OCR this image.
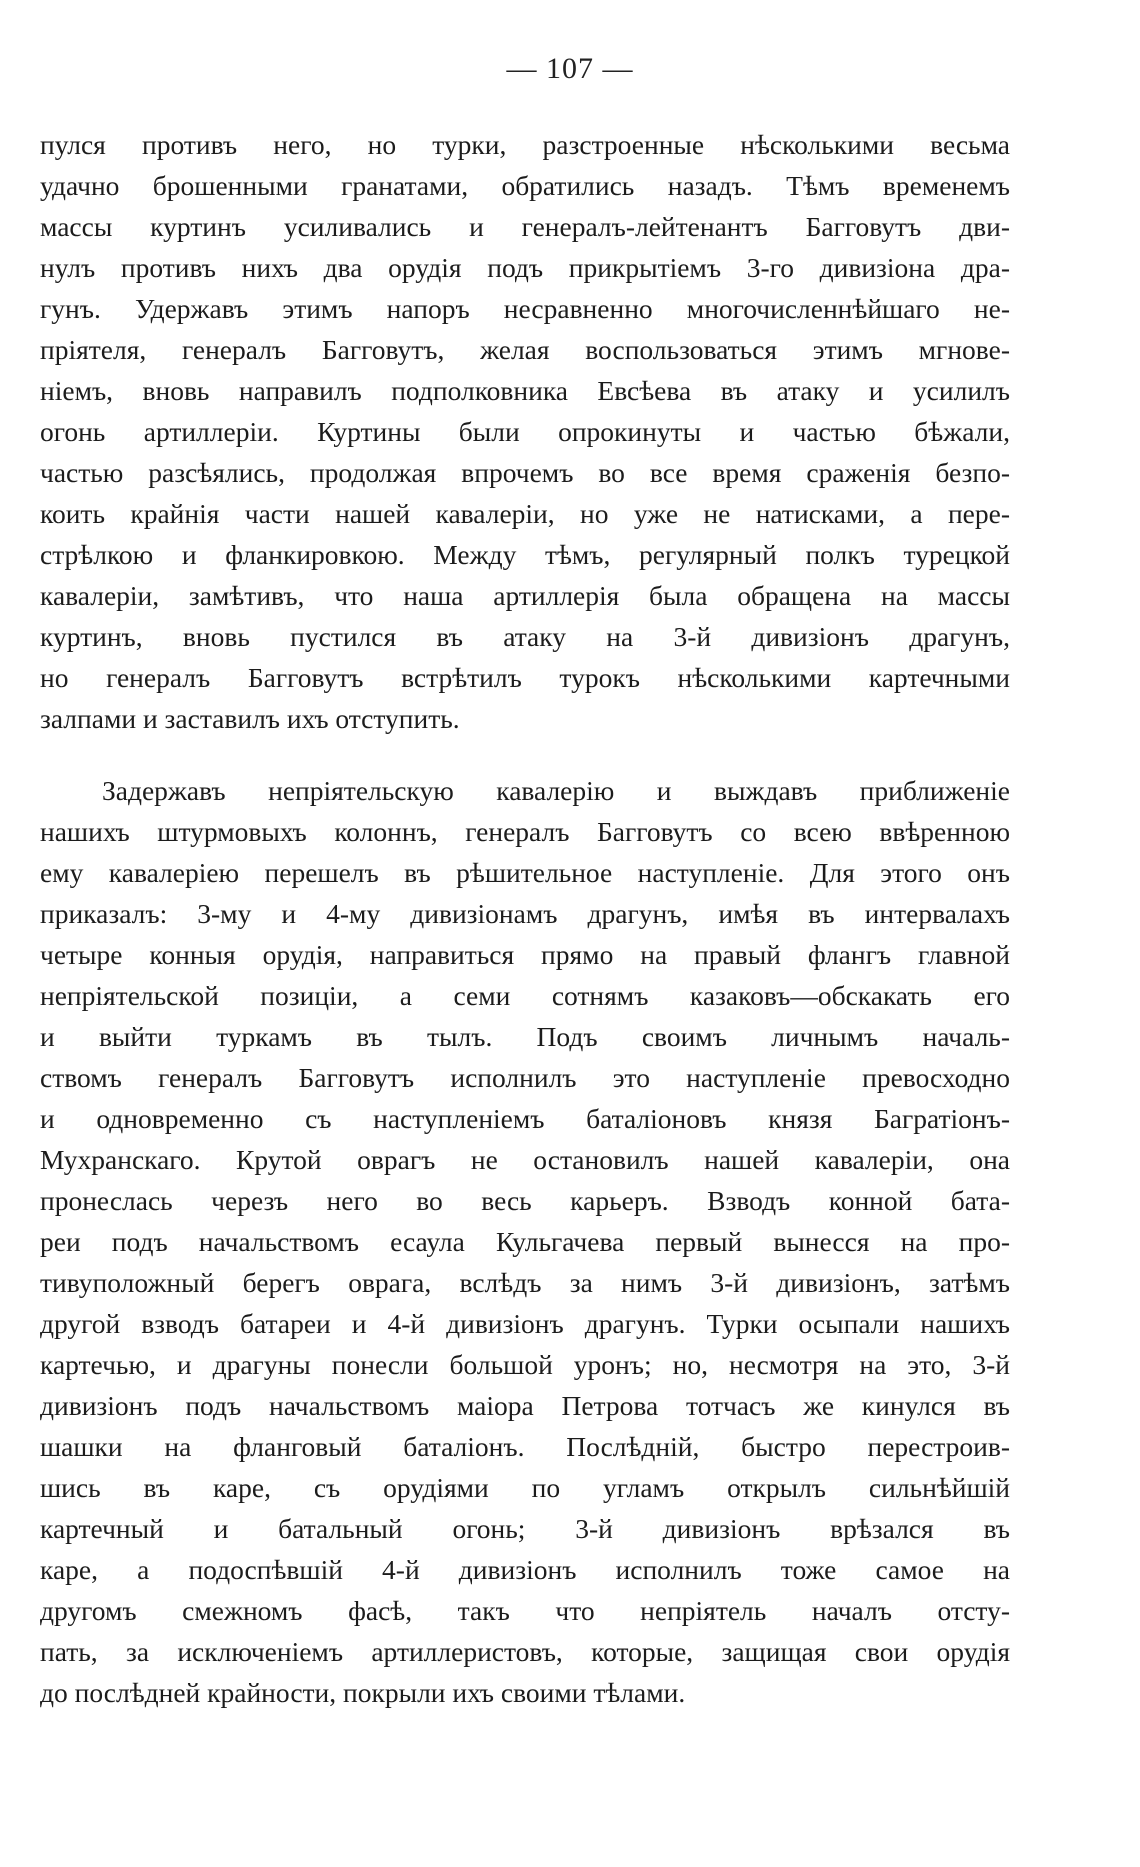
— 107 —
пулся противъ него, но турки, разстроенные нѣсколькими весьма
удачно брошенными гранатами, обратились назадъ. Тѣмъ временемъ
массы куртинъ усиливались и генералъ-лейтенантъ Багговутъ дви-
нулъ противъ нихъ два орудія подъ прикрытіемъ 3-го дивизіона дра-
гунъ. Удержавъ этимъ напоръ несравненно многочисленнѣйшаго не-
пріятеля, генералъ Багговутъ, желая воспользоваться этимъ мгнове-
ніемъ, вновь направилъ подполковника Евсѣева въ атаку и усилилъ
огонь артиллеріи. Куртины были опрокинуты и частью бѣжали,
частью разсѣялись, продолжая впрочемъ во все время сраженія безпо-
коить крайнія части нашей кавалеріи, но уже не натисками, а пере-
стрѣлкою и фланкировкою. Между тѣмъ, регулярный полкъ турецкой
кавалеріи, замѣтивъ, что наша артиллерія была обращена на массы
куртинъ, вновь пустился въ атаку на 3-й дивизіонъ драгунъ,
но генералъ Багговутъ встрѣтилъ турокъ нѣсколькими картечными
залпами и заставилъ ихъ отступить.
Задержавъ непріятельскую кавалерію и выждавъ приближеніе
нашихъ штурмовыхъ колоннъ, генералъ Багговутъ со всею ввѣренною
ему кавалеріею перешелъ въ рѣшительное наступленіе. Для этого онъ
приказалъ: 3-му и 4-му дивизіонамъ драгунъ, имѣя въ интервалахъ
четыре конныя орудія, направиться прямо на правый флангъ главной
непріятельской позиціи, а семи сотнямъ казаковъ—обскакать его
и выйти туркамъ въ тылъ. Подъ своимъ личнымъ началь-
ствомъ генералъ Багговутъ исполнилъ это наступленіе превосходно
и одновременно съ наступленіемъ баталіоновъ князя Багратіонъ-
Мухранскаго. Крутой оврагъ не остановилъ нашей кавалеріи, она
пронеслась черезъ него во весь карьеръ. Взводъ конной бата-
реи подъ начальствомъ есаула Кульгачева первый вынесся на про-
тивуположный берегъ оврага, вслѣдъ за нимъ 3-й дивизіонъ, затѣмъ
другой взводъ батареи и 4-й дивизіонъ драгунъ. Турки осыпали нашихъ
картечью, и драгуны понесли большой уронъ; но, несмотря на это, 3-й
дивизіонъ подъ начальствомъ маіора Петрова тотчасъ же кинулся въ
шашки на фланговый баталіонъ. Послѣдній, быстро перестроив-
шись въ каре, съ орудіями по угламъ открылъ сильнѣйшій
картечный и батальный огонь; 3-й дивизіонъ врѣзался въ
каре, а подоспѣвшій 4-й дивизіонъ исполнилъ тоже самое на
другомъ смежномъ фасѣ, такъ что непріятель началъ отсту-
пать, за исключеніемъ артиллеристовъ, которые, защищая свои орудія
до послѣдней крайности, покрыли ихъ своими тѣлами.
